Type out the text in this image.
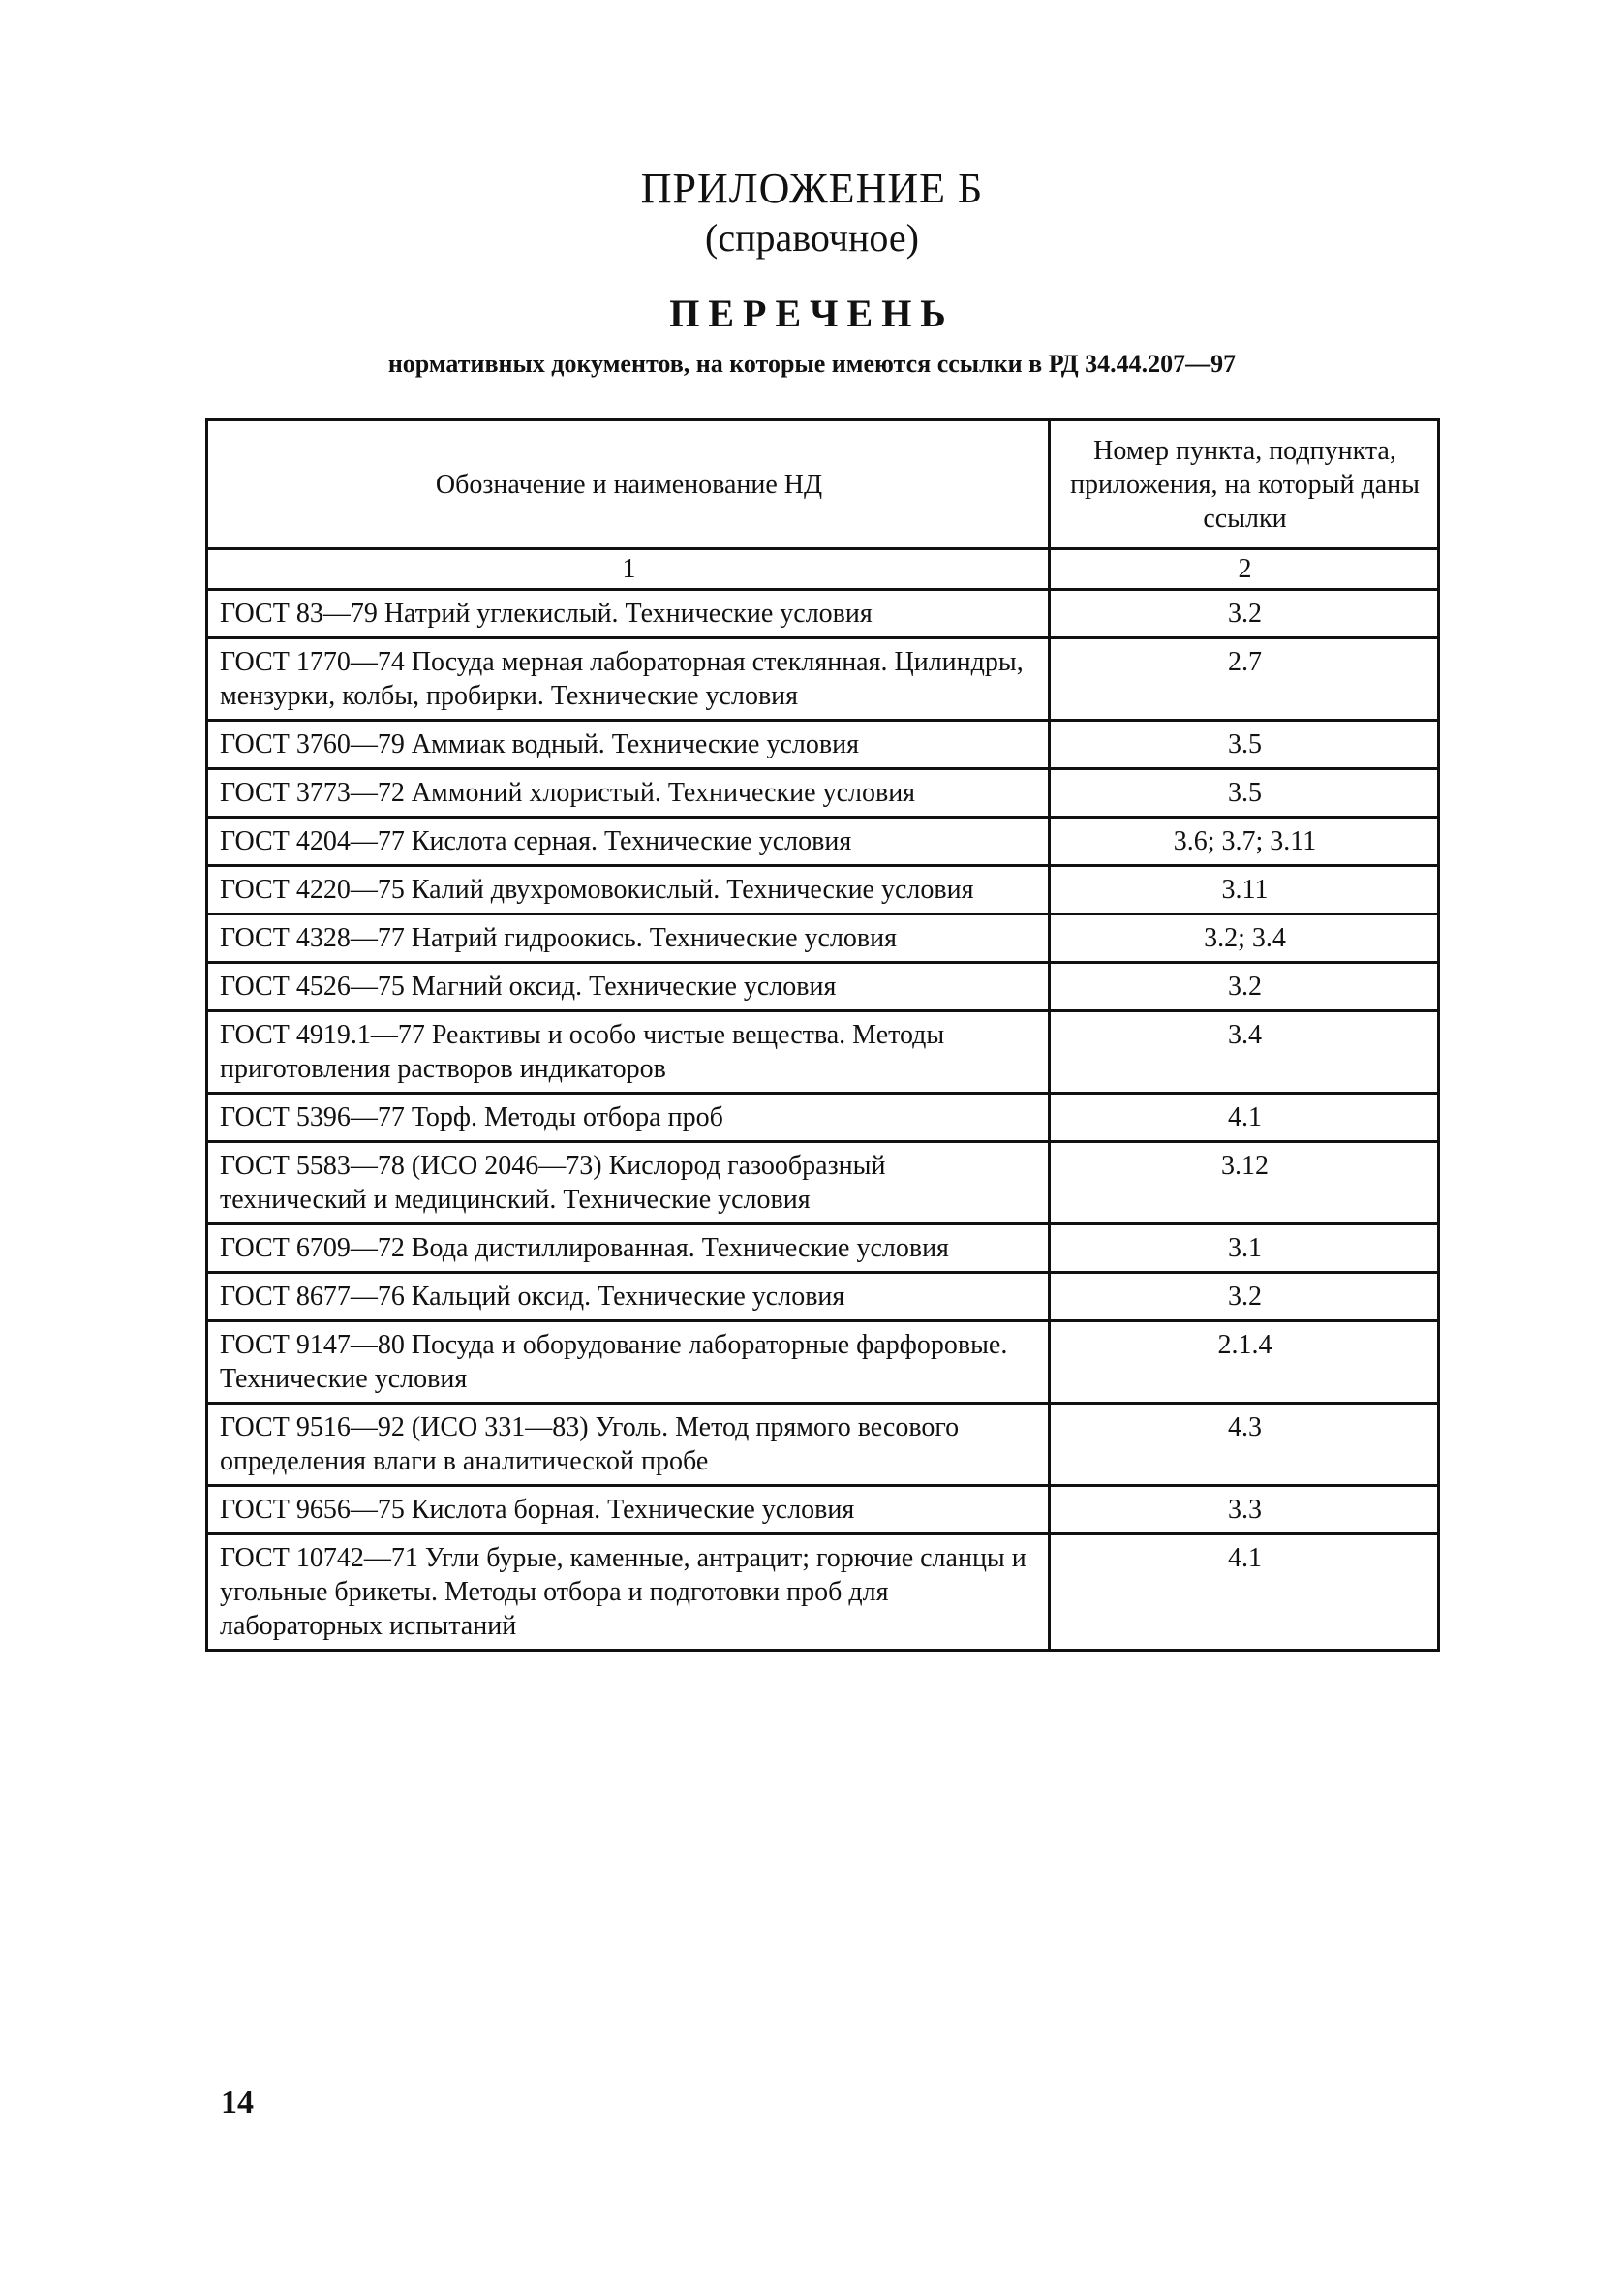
ПРИЛОЖЕНИЕ Б
(справочное)
ПЕРЕЧЕНЬ
нормативных документов, на которые имеются ссылки в РД 34.44.207—97
Обозначение и наименование НД	Номер пункта, подпункта, приложения, на который даны ссылки
1	2
ГОСТ 83—79 Натрий углекислый. Технические условия	3.2
ГОСТ 1770—74 Посуда мерная лабораторная стеклянная. Цилиндры, мензурки, колбы, пробирки. Технические условия	2.7
ГОСТ 3760—79 Аммиак водный. Технические условия	3.5
ГОСТ 3773—72 Аммоний хлористый. Технические условия	3.5
ГОСТ 4204—77 Кислота серная. Технические условия	3.6; 3.7; 3.11
ГОСТ 4220—75 Калий двухромовокислый. Технические условия	3.11
ГОСТ 4328—77 Натрий гидроокись. Технические условия	3.2; 3.4
ГОСТ 4526—75 Магний оксид. Технические условия	3.2
ГОСТ 4919.1—77 Реактивы и особо чистые вещества. Методы приготовления растворов индикаторов	3.4
ГОСТ 5396—77 Торф. Методы отбора проб	4.1
ГОСТ 5583—78 (ИСО 2046—73) Кислород газообразный технический и медицинский. Технические условия	3.12
ГОСТ 6709—72 Вода дистиллированная. Технические условия	3.1
ГОСТ 8677—76 Кальций оксид. Технические условия	3.2
ГОСТ 9147—80 Посуда и оборудование лабораторные фарфоровые. Технические условия	2.1.4
ГОСТ 9516—92 (ИСО 331—83) Уголь. Метод прямого весового определения влаги в аналитической пробе	4.3
ГОСТ 9656—75 Кислота борная. Технические условия	3.3
ГОСТ 10742—71 Угли бурые, каменные, антрацит; горючие сланцы и угольные брикеты. Методы отбора и подготовки проб для лабораторных испытаний	4.1
14
